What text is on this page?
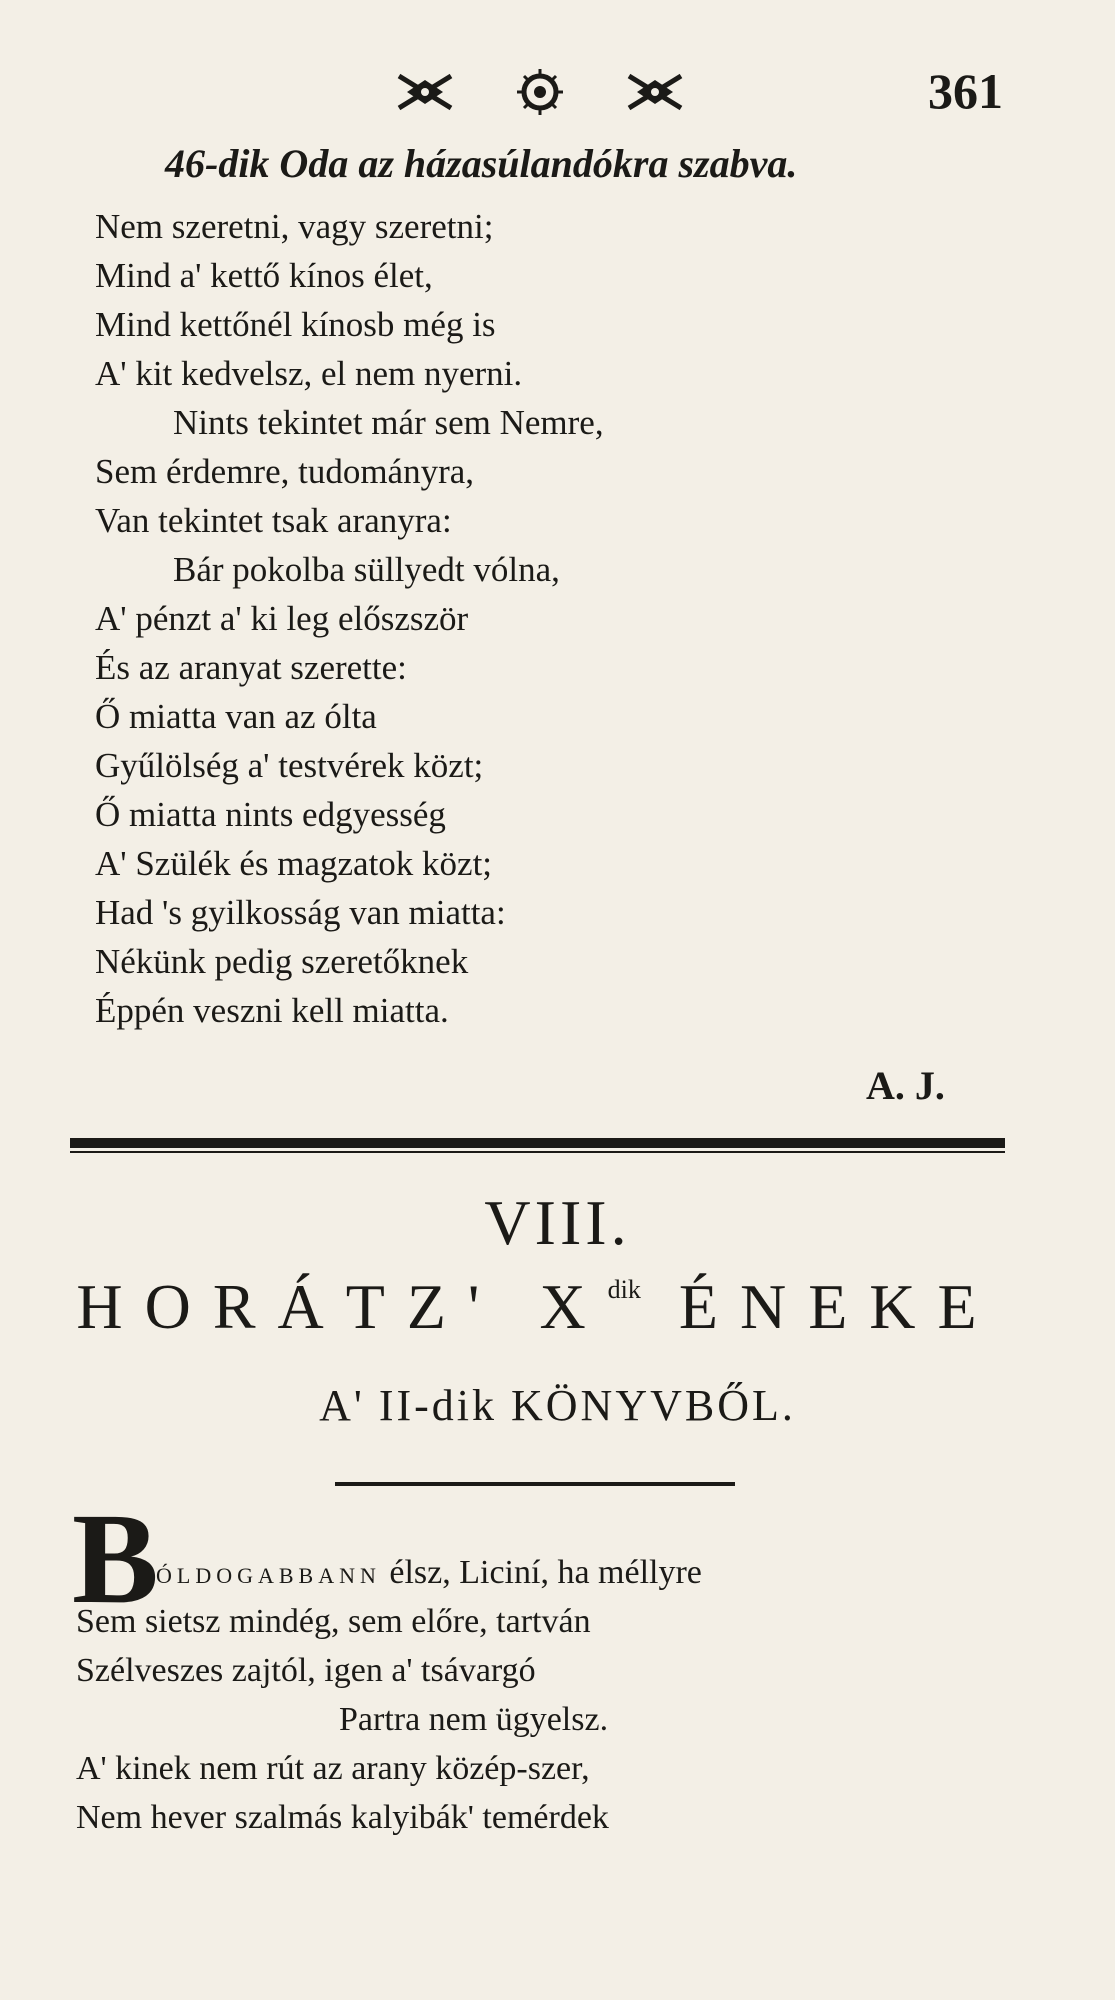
361
46-dik Oda az házasúlandókra szabva.
Nem szeretni, vagy szeretni;
Mind a' kettő kínos élet,
Mind kettőnél kínosb még is
A' kit kedvelsz, el nem nyerni.
Nints tekintet már sem Nemre,
Sem érdemre, tudományra,
Van tekintet tsak aranyra:
Bár pokolba süllyedt vólna,
A' pénzt a' ki leg előszször
És az aranyat szerette:
Ő miatta van az ólta
Gyűlölség a' testvérek közt;
Ő miatta nints edgyesség
A' Szülék és magzatok közt;
Had 's gyilkosság van miatta:
Nékünk pedig szeretőknek
Éppén veszni kell miatta.
A. J.
VIII.
HORÁTZ' $X^{dik}$ ÉNEKE
A' II-dik KÖNYVBŐL.
B
ÓLDOGABBANN élsz, Liciní, ha méllyre
Sem sietsz mindég, sem előre, tartván
Szélveszes zajtól, igen a' tsávargó
Partra nem ügyelsz.
A' kinek nem rút az arany közép-szer,
Nem hever szalmás kalyibák' temérdek
